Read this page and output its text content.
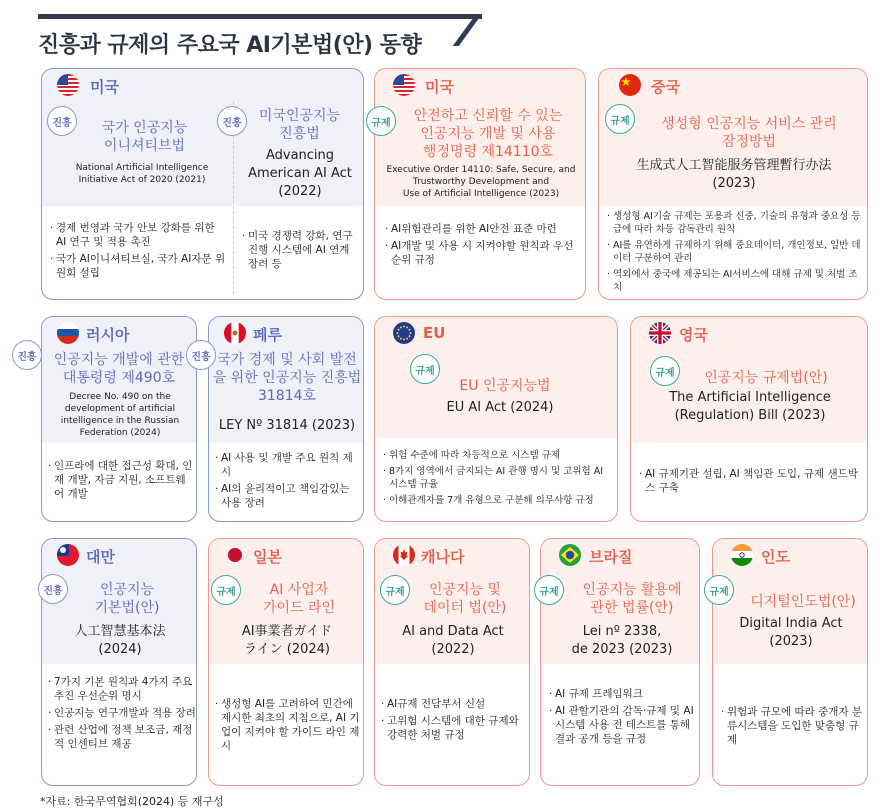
진흥과 규제의 주요국 AI기본법(안) 동향
미국
국가 인공지능
이니셔티브법
National Artificial Intelligence
Initiative Act of 2020 (2021)
· 경제 번영과 국가 안보 강화를 위한 AI 연구 및 적용 촉진
· 국가 AI이니셔티브실, 국가 AI자문 위원회 설립
미국인공지능
진흥법
Advancing
American AI Act
(2022)
· 미국 경쟁력 강화, 연구진행 시스템에 AI 연계 장려 등
진흥	진흥
미국
안전하고 신뢰할 수 있는
인공지능 개발 및 사용
행정명령 제14110호
Executive Order 14110: Safe, Secure, and
Trustworthy Development and
Use of Artificial Intelligence (2023)
· AI위험관리를 위한 AI안전 표준 마련
· AI개발 및 사용 시 지켜야할 원칙과 우선순위 규정
규제
중국
생성형 인공지능 서비스 관리
잠정방법
生成式人工智能服务管理暫行办法
(2023)
· 생성형 AI기술 규제는 포용과 신중, 기술의 유형과 중요성 등급에 따라 차등 감독관리 원칙
· AI를 유연하게 규제하기 위해 중요데이터, 개인정보, 일반 데이터 구분하여 관리
· 역외에서 중국에 제공되는 AI서비스에 대해 규제 및 처벌 조치
규제
러시아
인공지능 개발에 관한
대통령령 제490호
Decree No. 490 on the
development of artificial
intelligence in the Russian
Federation (2024)
· 인프라에 대한 접근성 확대, 인재 개발, 자금 지원, 소프트웨어 개발
진흥
페루
국가 경제 및 사회 발전
을 위한 인공지능 진흥법
31814호
LEY Nº 31814 (2023)
· AI 사용 및 개발 주요 원칙 제시
· AI의 윤리적이고 책임감있는 사용 장려
진흥
EU
EU 인공지능법
EU AI Act (2024)
· 위험 수준에 따라 차등적으로 시스템 규제
· 8가지 영역에서 금지되는 AI 관행 명시 및 고위험 AI 시스템 규율
· 이해관계자를 7개 유형으로 구분해 의무사항 규정
규제
영국
인공지능 규제법(안)
The Artificial Intelligence
(Regulation) Bill (2023)
· AI 규제기관 설립, AI 책임관 도입, 규제 샌드박스 구축
규제
대만
인공지능
기본법(안)
人工智慧基本法
(2024)
· 7가지 기본 원칙과 4가지 주요 추진 우선순위 명시
· 인공지능 연구개발과 적용 장려
· 관련 산업에 정책 보조금, 재정적 인센티브 제공
진흥
일본
AI 사업자
가이드 라인
AI事業者ガイド
ライン (2024)
· 생성형 AI를 고려하여 민간에 제시한 최초의 지침으로, AI 기업이 지켜야 할 가이드 라인 제시
규제
캐나다
인공지능 및
데이터 법(안)
AI and Data Act
(2022)
· AI규제 전담부서 신설
· 고위험 시스템에 대한 규제와 강력한 처벌 규정
규제
브라질
인공지능 활용에
관한 법률(안)
Lei nº 2338,
de 2023 (2023)
· AI 규제 프레임워크
· AI 관할기관의 감독·규제 및 AI시스템 사용 전 테스트를 통해 결과 공개 등을 규정
규제
인도
디지털인도법(안)
Digital India Act
(2023)
· 위험과 규모에 따라 중개자 분류시스템을 도입한 맞춤형 규제
규제
*자료: 한국무역협회(2024) 등 재구성
